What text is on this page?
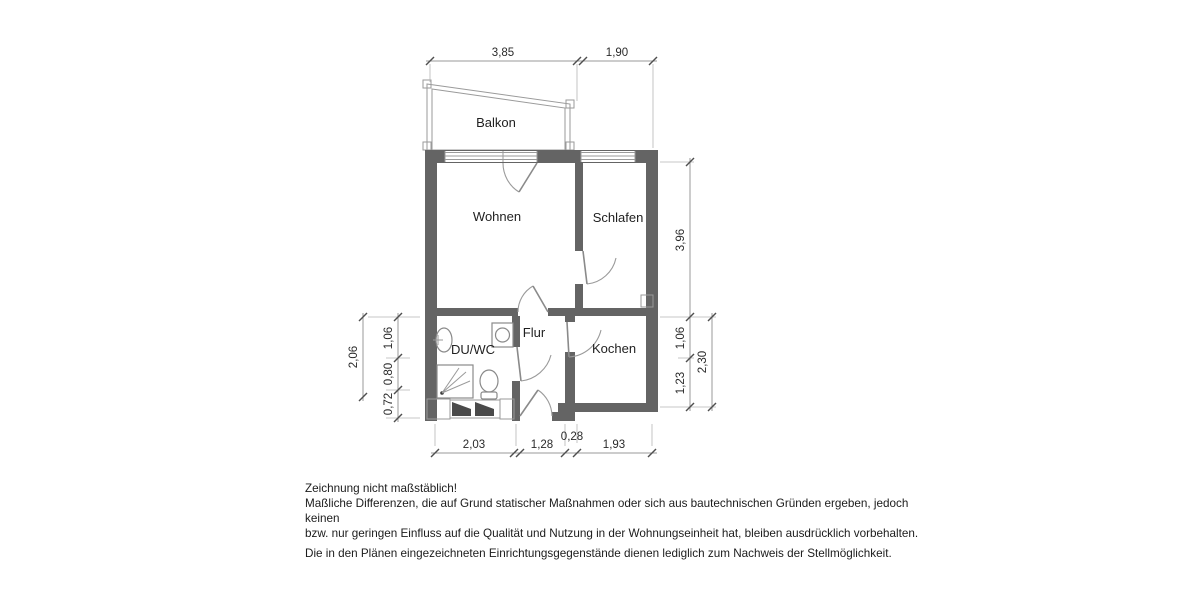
Balkon
Wohnen	Schlafen
DU/WC
Flur
Kochen
3,85	1,90
2,03	1,28
0,28
1,93
3,96
1,06
1,23
2,30
2,06
1,06
0,80
0,72

Zeichnung nicht maßstäblich!

Maßliche Differenzen, die auf Grund statischer Maßnahmen oder sich aus bautechnischen Gründen ergeben, jedoch keinen

bzw. nur geringen Einfluss auf die Qualität und Nutzung in der Wohnungseinheit hat, bleiben ausdrücklich vorbehalten.

Die in den Plänen eingezeichneten Einrichtungsgegenstände dienen lediglich zum Nachweis der Stellmöglichkeit.
